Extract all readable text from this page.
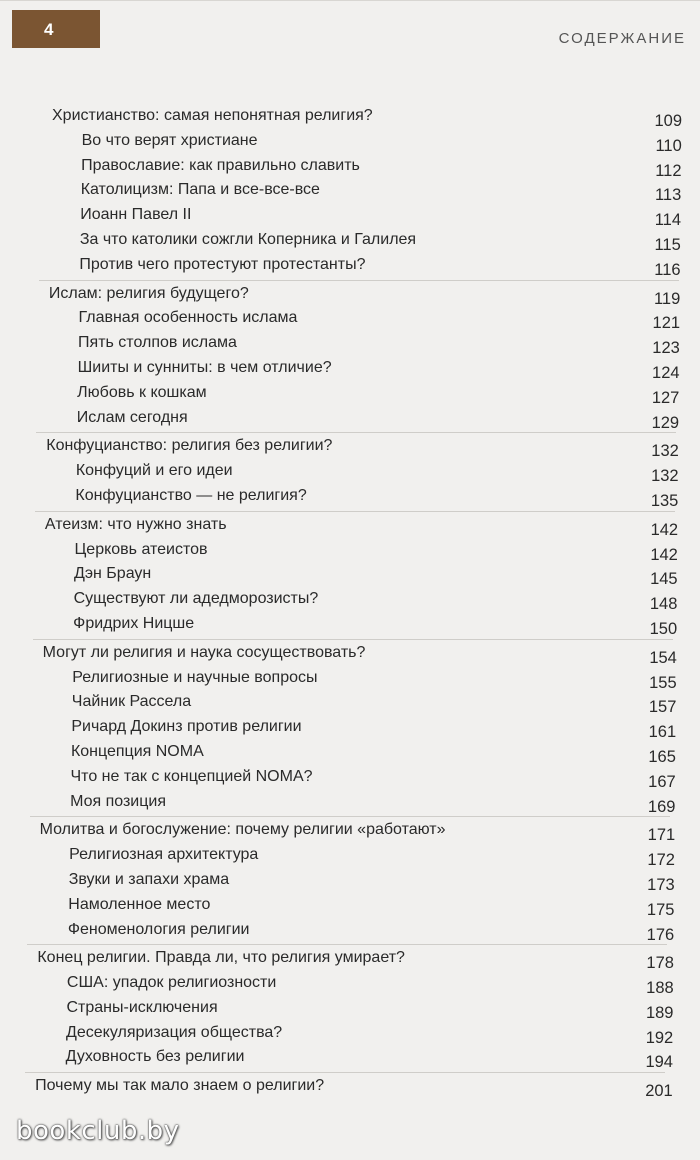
4	СОДЕРЖАНИЕ
Христианство: самая непонятная религия?	109
Во что верят христиане	110
Православие: как правильно славить	112
Католицизм: Папа и все-все-все	113
Иоанн Павел II	114
За что католики сожгли Коперника и Галилея	115
Против чего протестуют протестанты?	116
Ислам: религия будущего?	119
Главная особенность ислама	121
Пять столпов ислама	123
Шииты и сунниты: в чем отличие?	124
Любовь к кошкам	127
Ислам сегодня	129
Конфуцианство: религия без религии?	132
Конфуций и его идеи	132
Конфуцианство — не религия?	135
Атеизм: что нужно знать	142
Церковь атеистов	142
Дэн Браун	145
Существуют ли адедморозисты?	148
Фридрих Ницше	150
Могут ли религия и наука сосуществовать?	154
Религиозные и научные вопросы	155
Чайник Рассела	157
Ричард Докинз против религии	161
Концепция NOMA	165
Что не так с концепцией NOMA?	167
Моя позиция	169
Молитва и богослужение: почему религии «работают»	171
Религиозная архитектура	172
Звуки и запахи храма	173
Намоленное место	175
Феноменология религии	176
Конец религии. Правда ли, что религия умирает?	178
США: упадок религиозности	188
Страны-исключения	189
Десекуляризация общества?	192
Духовность без религии	194
Почему мы так мало знаем о религии?	201
bookclub.by
